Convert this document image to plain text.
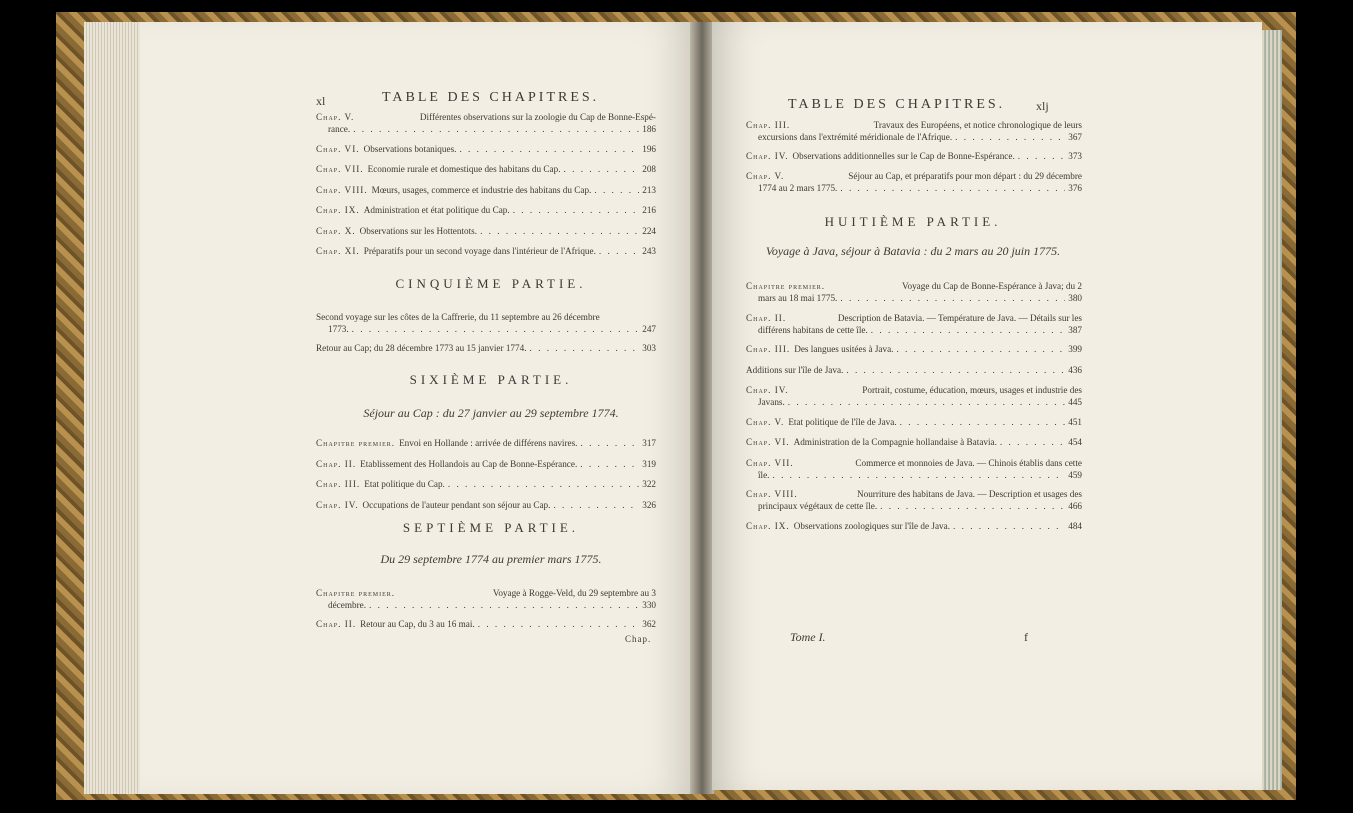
xl	TABLE DES CHAPITRES.
CINQUIÈME PARTIE.
SIXIÈME PARTIE.
Séjour au Cap : du 27 janvier au 29 septembre 1774.
SEPTIÈME PARTIE.
Du 29 septembre 1774 au premier mars 1775.
Chap.
TABLE DES CHAPITRES.	xlj
HUITIÈME PARTIE.
Voyage à Java, séjour à Batavia : du 2 mars au 20 juin 1775.
Tome I.	f
Chap. V.	Différentes observations sur la zoologie du Cap de Bonne-Espé-
rance. . . .	186
Chap. VI. Observations botaniques. . . .	196
Chap. VII. Economie rurale et domestique des habitans du Cap. . . .	208
Chap. VIII. Mœurs, usages, commerce et industrie des habitans du Cap. . . .	213
Chap. IX. Administration et état politique du Cap. . . .	216
Chap. X. Observations sur les Hottentots. . . .	224
Chap. XI. Préparatifs pour un second voyage dans l'intérieur de l'Afrique. . . .	243
Second voyage sur les côtes de la Caffrerie, du 11 septembre au 26 décembre
1773. . . .	247
Retour au Cap; du 28 décembre 1773 au 15 janvier 1774. . . .	303
Chapitre premier. Envoi en Hollande : arrivée de différens navires. . . .	317
Chap. II. Etablissement des Hollandois au Cap de Bonne-Espérance. . . .	319
Chap. III. Etat politique du Cap. . . .	322
Chap. IV. Occupations de l'auteur pendant son séjour au Cap. . . .	326
Chapitre premier.	Voyage à Rogge-Veld, du 29 septembre au 3
décembre. . . .	330
Chap. II. Retour au Cap, du 3 au 16 mai. . . .	362
Chap. III.	Travaux des Européens, et notice chronologique de leurs
excursions dans l'extrémité méridionale de l'Afrique. . . .	367
Chap. IV. Observations additionnelles sur le Cap de Bonne-Espérance. . . .	373
Chap. V.	Séjour au Cap, et préparatifs pour mon départ : du 29 décembre
1774 au 2 mars 1775. . . .	376
Chapitre premier.	Voyage du Cap de Bonne-Espérance à Java; du 2
mars au 18 mai 1775. . . .	380
Chap. II.	Description de Batavia. — Température de Java. — Détails sur les
différens habitans de cette île. . . .	387
Chap. III. Des langues usitées à Java. . . .	399
Additions sur l'île de Java. . . .	436
Chap. IV.	Portrait, costume, éducation, mœurs, usages et industrie des
Javans. . . .	445
Chap. V. Etat politique de l'île de Java. . . .	451
Chap. VI. Administration de la Compagnie hollandaise à Batavia. . . .	454
Chap. VII.	Commerce et monnoies de Java. — Chinois établis dans cette
île. . . .	459
Chap. VIII.	Nourriture des habitans de Java. — Description et usages des
principaux végétaux de cette île. . . .	466
Chap. IX. Observations zoologiques sur l'île de Java. . . .	484
